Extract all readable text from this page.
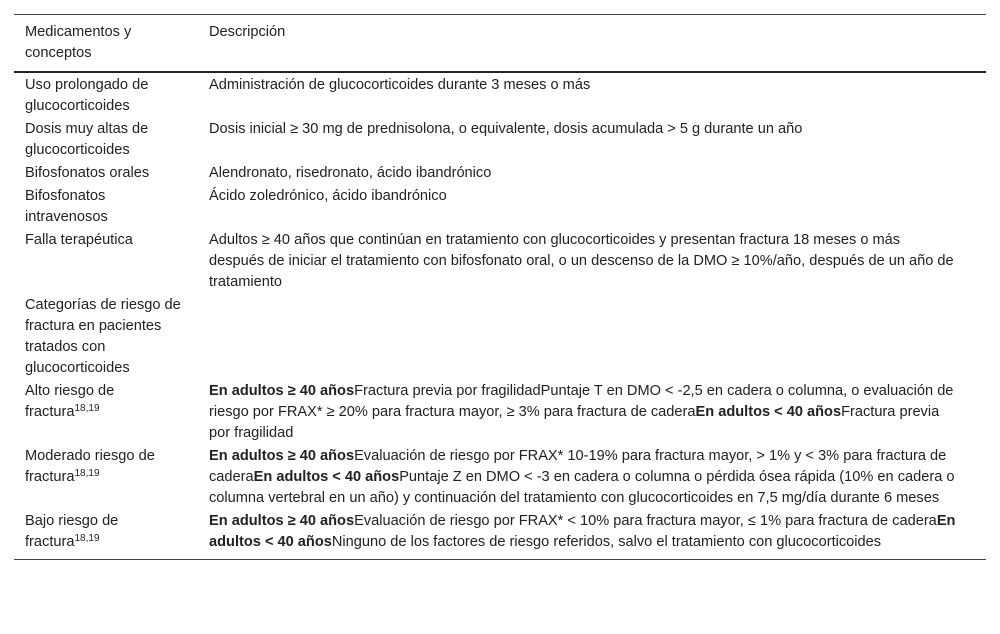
Medicamentos y conceptos	Descripción
Uso prolongado de glucocorticoides	Administración de glucocorticoides durante 3 meses o más
Dosis muy altas de glucocorticoides	Dosis inicial ≥ 30 mg de prednisolona, o equivalente, dosis acumulada > 5 g durante un año
Bifosfonatos orales	Alendronato, risedronato, ácido ibandrónico
Bifosfonatos intravenosos	Ácido zoledrónico, ácido ibandrónico
Falla terapéutica	Adultos ≥ 40 años que continúan en tratamiento con glucocorticoides y presentan fractura 18 meses o más después de iniciar el tratamiento con bifosfonato oral, o un descenso de la DMO ≥ 10%/año, después de un año de tratamiento
Categorías de riesgo de fractura en pacientes tratados con glucocorticoides	
Alto riesgo de fractura$^{18,19}$	En adultos ≥ 40 añosFractura previa por fragilidadPuntaje T en DMO < -2,5 en cadera o columna, o evaluación de riesgo por FRAX* ≥ 20% para fractura mayor, ≥ 3% para fractura de caderaEn adultos < 40 añosFractura previa por fragilidad
Moderado riesgo de fractura$^{18,19}$	En adultos ≥ 40 añosEvaluación de riesgo por FRAX* 10-19% para fractura mayor, > 1% y < 3% para fractura de caderaEn adultos < 40 añosPuntaje Z en DMO < -3 en cadera o columna o pérdida ósea rápida (10% en cadera o columna vertebral en un año) y continuación del tratamiento con glucocorticoides en 7,5 mg/día durante 6 meses
Bajo riesgo de fractura$^{18,19}$	En adultos ≥ 40 añosEvaluación de riesgo por FRAX* < 10% para fractura mayor, ≤ 1% para fractura de caderaEn adultos < 40 añosNinguno de los factores de riesgo referidos, salvo el tratamiento con glucocorticoides
